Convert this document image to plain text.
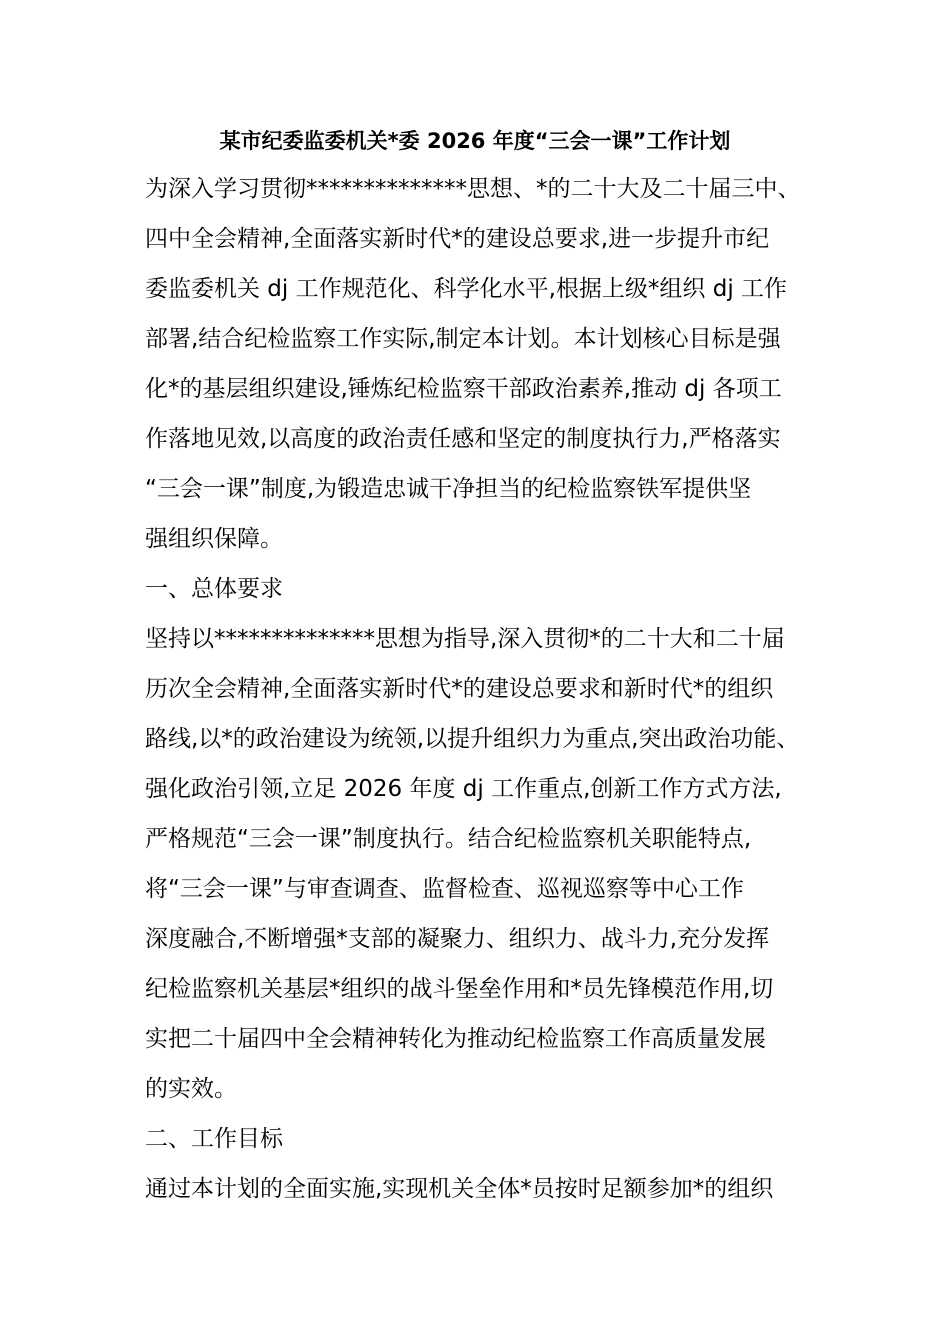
某市纪委监委机关*委 2026 年度“三会一课”工作计划

为深入学习贯彻**************思想、*的二十大及二十届三中、

四中全会精神,全面落实新时代*的建设总要求,进一步提升市纪

委监委机关 dj 工作规范化、科学化水平,根据上级*组织 dj 工作

部署,结合纪检监察工作实际,制定本计划。本计划核心目标是强

化*的基层组织建设,锤炼纪检监察干部政治素养,推动 dj 各项工

作落地见效,以高度的政治责任感和坚定的制度执行力,严格落实

“三会一课”制度,为锻造忠诚干净担当的纪检监察铁军提供坚

强组织保障。

一、总体要求

坚持以**************思想为指导,深入贯彻*的二十大和二十届

历次全会精神,全面落实新时代*的建设总要求和新时代*的组织

路线,以*的政治建设为统领,以提升组织力为重点,突出政治功能、

强化政治引领,立足 2026 年度 dj 工作重点,创新工作方式方法,

严格规范“三会一课”制度执行。结合纪检监察机关职能特点,

将“三会一课”与审查调查、监督检查、巡视巡察等中心工作

深度融合,不断增强*支部的凝聚力、组织力、战斗力,充分发挥

纪检监察机关基层*组织的战斗堡垒作用和*员先锋模范作用,切

实把二十届四中全会精神转化为推动纪检监察工作高质量发展

的实效。

二、工作目标

通过本计划的全面实施,实现机关全体*员按时足额参加*的组织
